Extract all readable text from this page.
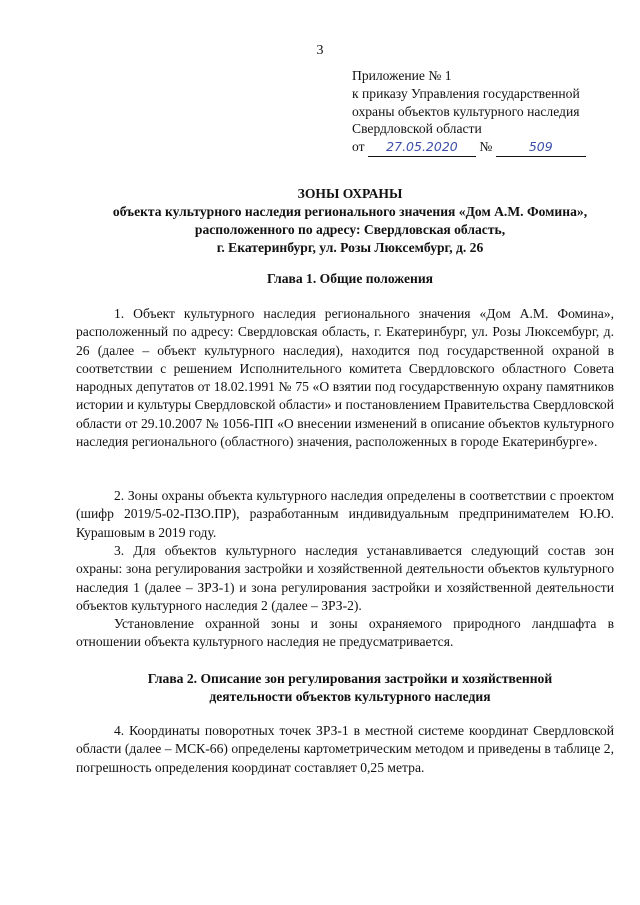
3
Приложение № 1
к приказу Управления государственной
охраны объектов культурного наследия
Свердловской области
от 27.05.2020 №	509
ЗОНЫ ОХРАНЫ
объекта культурного наследия регионального значения «Дом А.М. Фомина»,
расположенного по адресу: Свердловская область,
г. Екатеринбург, ул. Розы Люксембург, д. 26
Глава 1. Общие положения

1. Объект культурного наследия регионального значения «Дом А.М. Фомина», расположенный по адресу: Свердловская область, г. Екатеринбург, ул. Розы Люксембург, д. 26 (далее – объект культурного наследия), находится под государственной охраной в соответствии с решением Исполнительного комитета Свердловского областного Совета народных депутатов от 18.02.1991 № 75 «О взятии под государственную охрану памятников истории и культуры Свердловской области» и постановлением Правительства Свердловской области от 29.10.2007 № 1056-ПП «О внесении изменений в описание объектов культурного наследия регионального (областного) значения, расположенных в городе Екатеринбурге».

2. Зоны охраны объекта культурного наследия определены в соответствии с проектом (шифр 2019/5-02-ПЗО.ПР), разработанным индивидуальным предпринимателем Ю.Ю. Курашовым в 2019 году.

3. Для объектов культурного наследия устанавливается следующий состав зон охраны: зона регулирования застройки и хозяйственной деятельности объектов культурного наследия 1 (далее – ЗРЗ-1) и зона регулирования застройки и хозяйственной деятельности объектов культурного наследия 2 (далее – ЗРЗ-2).

Установление охранной зоны и зоны охраняемого природного ландшафта в отношении объекта культурного наследия не предусматривается.

Глава 2. Описание зон регулирования застройки и хозяйственной
деятельности объектов культурного наследия

4. Координаты поворотных точек ЗРЗ-1 в местной системе координат Свердловской области (далее – МСК-66) определены картометрическим методом и приведены в таблице 2, погрешность определения координат составляет 0,25 метра.
